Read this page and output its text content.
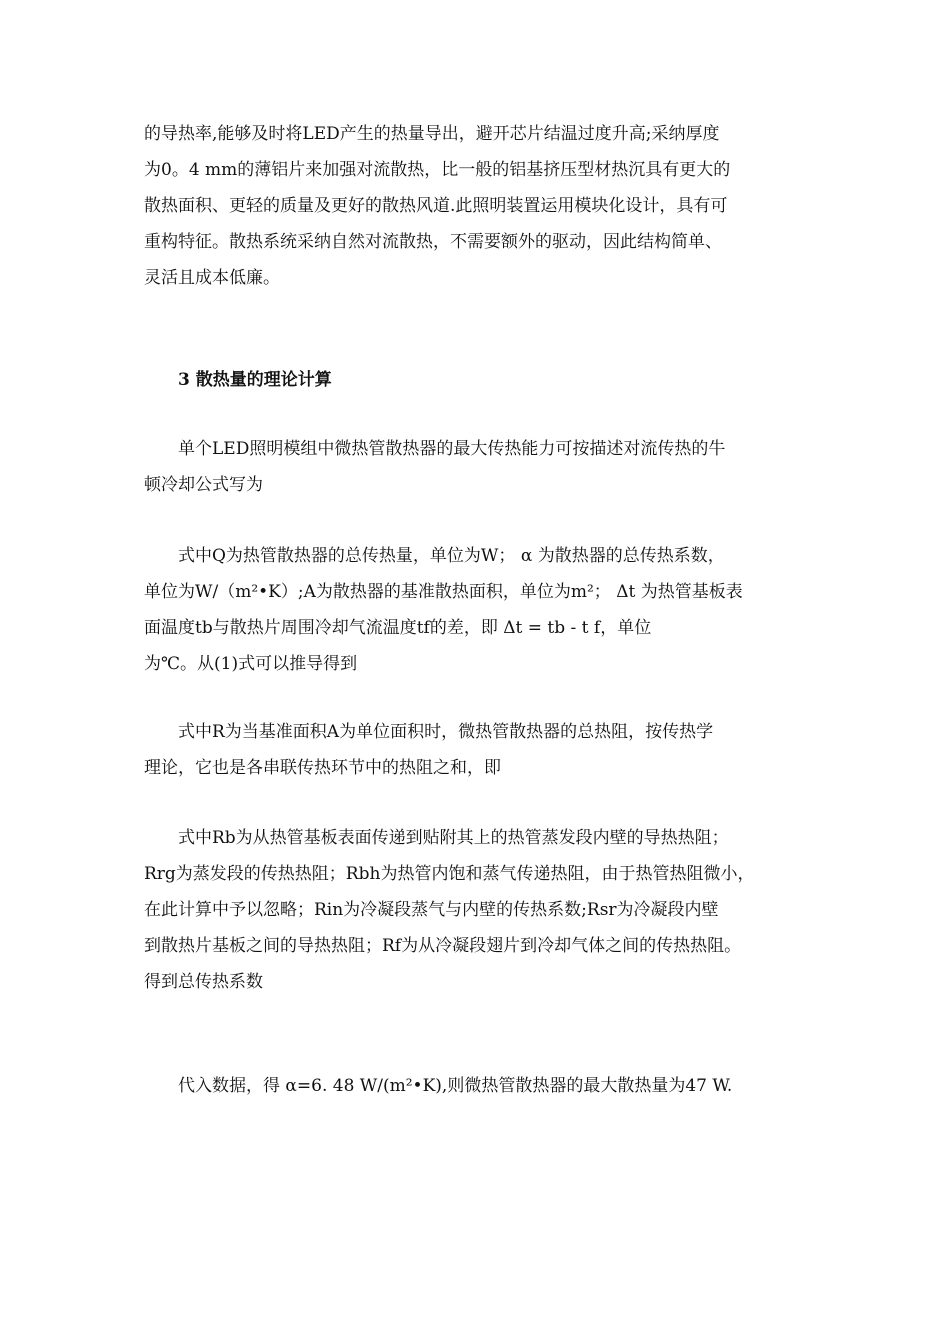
的导热率,能够及时将LED产生的热量导出，避开芯片结温过度升高;采纳厚度
为0。4 mm的薄铝片来加强对流散热，比一般的铝基挤压型材热沉具有更大的
散热面积、更轻的质量及更好的散热风道.此照明装置运用模块化设计，具有可
重构特征。散热系统采纳自然对流散热，不需要额外的驱动，因此结构简单、
灵活且成本低廉。
3 散热量的理论计算
单个LED照明模组中微热管散热器的最大传热能力可按描述对流传热的牛
顿冷却公式写为
式中Q为热管散热器的总传热量，单位为W； α 为散热器的总传热系数，
单位为W/（m²•K）;A为散热器的基准散热面积，单位为m²； Δt 为热管基板表
面温度tb与散热片周围冷却气流温度tf的差，即 Δt = tb - t f，单位
为℃。从(1)式可以推导得到
式中R为当基准面积A为单位面积时，微热管散热器的总热阻，按传热学
理论，它也是各串联传热环节中的热阻之和，即
式中Rb为从热管基板表面传递到贴附其上的热管蒸发段内壁的导热热阻；
Rrg为蒸发段的传热热阻；Rbh为热管内饱和蒸气传递热阻，由于热管热阻微小，
在此计算中予以忽略；Rin为冷凝段蒸气与内壁的传热系数;Rsr为冷凝段内壁
到散热片基板之间的导热热阻；Rf为从冷凝段翅片到冷却气体之间的传热热阻。
得到总传热系数
代入数据，得 α=6. 48 W/(m²•K),则微热管散热器的最大散热量为47 W.
